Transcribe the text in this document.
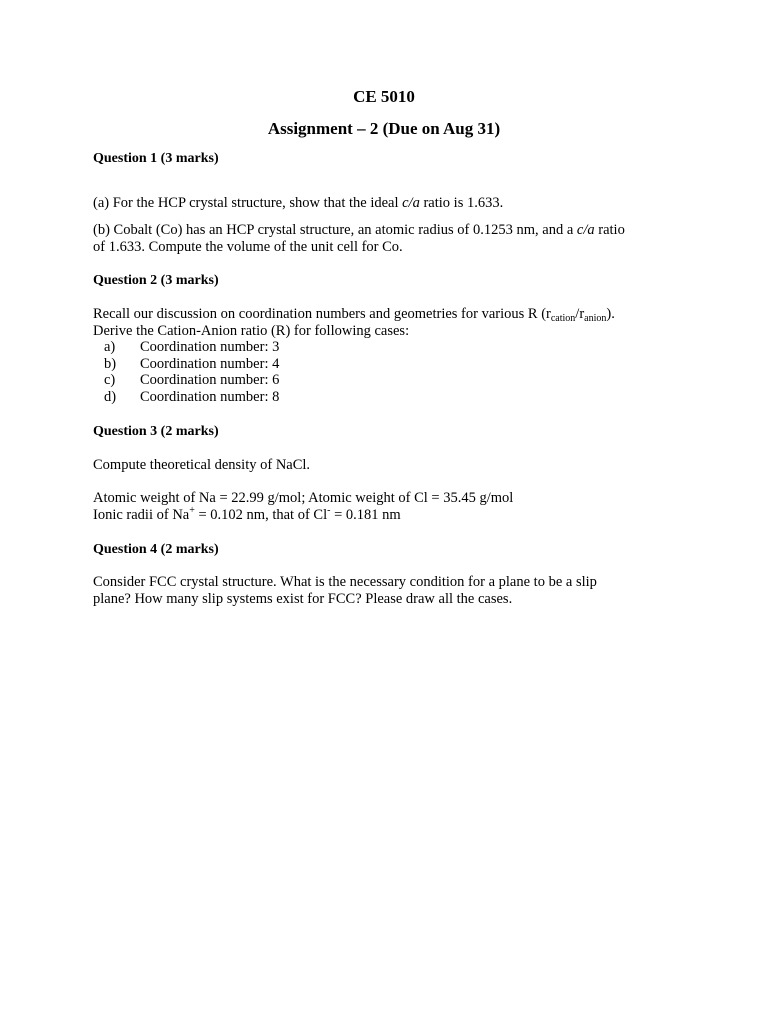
CE 5010
Assignment – 2 (Due on Aug 31)
Question 1 (3 marks)
(a) For the HCP crystal structure, show that the ideal c/a ratio is 1.633.
(b) Cobalt (Co) has an HCP crystal structure, an atomic radius of 0.1253 nm, and a c/a ratio
of 1.633. Compute the volume of the unit cell for Co.
Question 2 (3 marks)
Recall our discussion on coordination numbers and geometries for various R $(r_{cation}/r_{anion})$.
Derive the Cation-Anion ratio (R) for following cases:
a)	Coordination number: 3
b)	Coordination number: 4
c)	Coordination number: 6
d)	Coordination number: 8
Question 3 (2 marks)
Compute theoretical density of NaCl.
Atomic weight of Na = 22.99 g/mol; Atomic weight of Cl = 35.45 g/mol
Ionic radii of Na+ = 0.102 nm, that of Cl- = 0.181 nm
Question 4 (2 marks)
Consider FCC crystal structure. What is the necessary condition for a plane to be a slip
plane? How many slip systems exist for FCC? Please draw all the cases.
